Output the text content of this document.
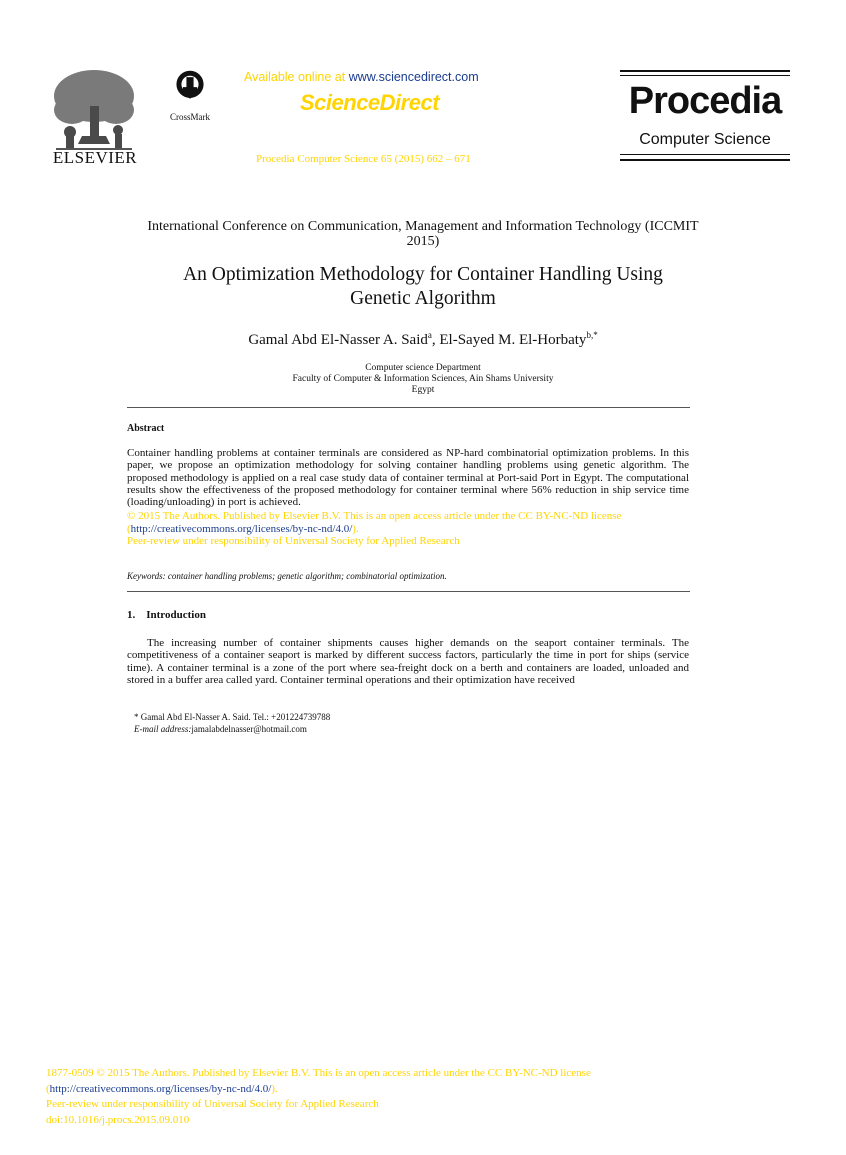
ELSEVIER
CrossMark
Available online at www.sciencedirect.com
ScienceDirect
Procedia Computer Science 65 (2015) 662 – 671
Procedia
Computer Science
International Conference on Communication, Management and Information Technology (ICCMIT
2015)
An Optimization Methodology for Container Handling Using
Genetic Algorithm
Gamal Abd El-Nasser A. Said$^a$, El-Sayed M. El-Horbaty$^{b,*}$
Computer science Department
Faculty of Computer & Information Sciences, Ain Shams University
Egypt
Abstract
Container handling problems at container terminals are considered as NP-hard combinatorial optimization problems. In this paper, we propose an optimization methodology for solving container handling problems using genetic algorithm. The proposed methodology is applied on a real case study data of container terminal at Port-said Port in Egypt. The computational results show the effectiveness of the proposed methodology for container terminal where 56% reduction in ship service time (loading/unloading) in port is achieved.
© 2015 The Authors. Published by Elsevier B.V. This is an open access article under the CC BY-NC-ND license
(http://creativecommons.org/licenses/by-nc-nd/4.0/).
Peer-review under responsibility of Universal Society for Applied Research
Keywords: container handling problems; genetic algorithm; combinatorial optimization.
1.    Introduction
The increasing number of container shipments causes higher demands on the seaport container terminals. The competitiveness of a container seaport is marked by different success factors, particularly the time in port for ships (service time). A container terminal is a zone of the port where sea-freight dock on a berth and containers are loaded, unloaded and stored in a buffer area called yard. Container terminal operations and their optimization have received
* Gamal Abd El-Nasser A. Said. Tel.: +201224739788
E-mail address:jamalabdelnasser@hotmail.com
1877-0509 © 2015 The Authors. Published by Elsevier B.V. This is an open access article under the CC BY-NC-ND license
(http://creativecommons.org/licenses/by-nc-nd/4.0/).
Peer-review under responsibility of Universal Society for Applied Research
doi:10.1016/j.procs.2015.09.010
